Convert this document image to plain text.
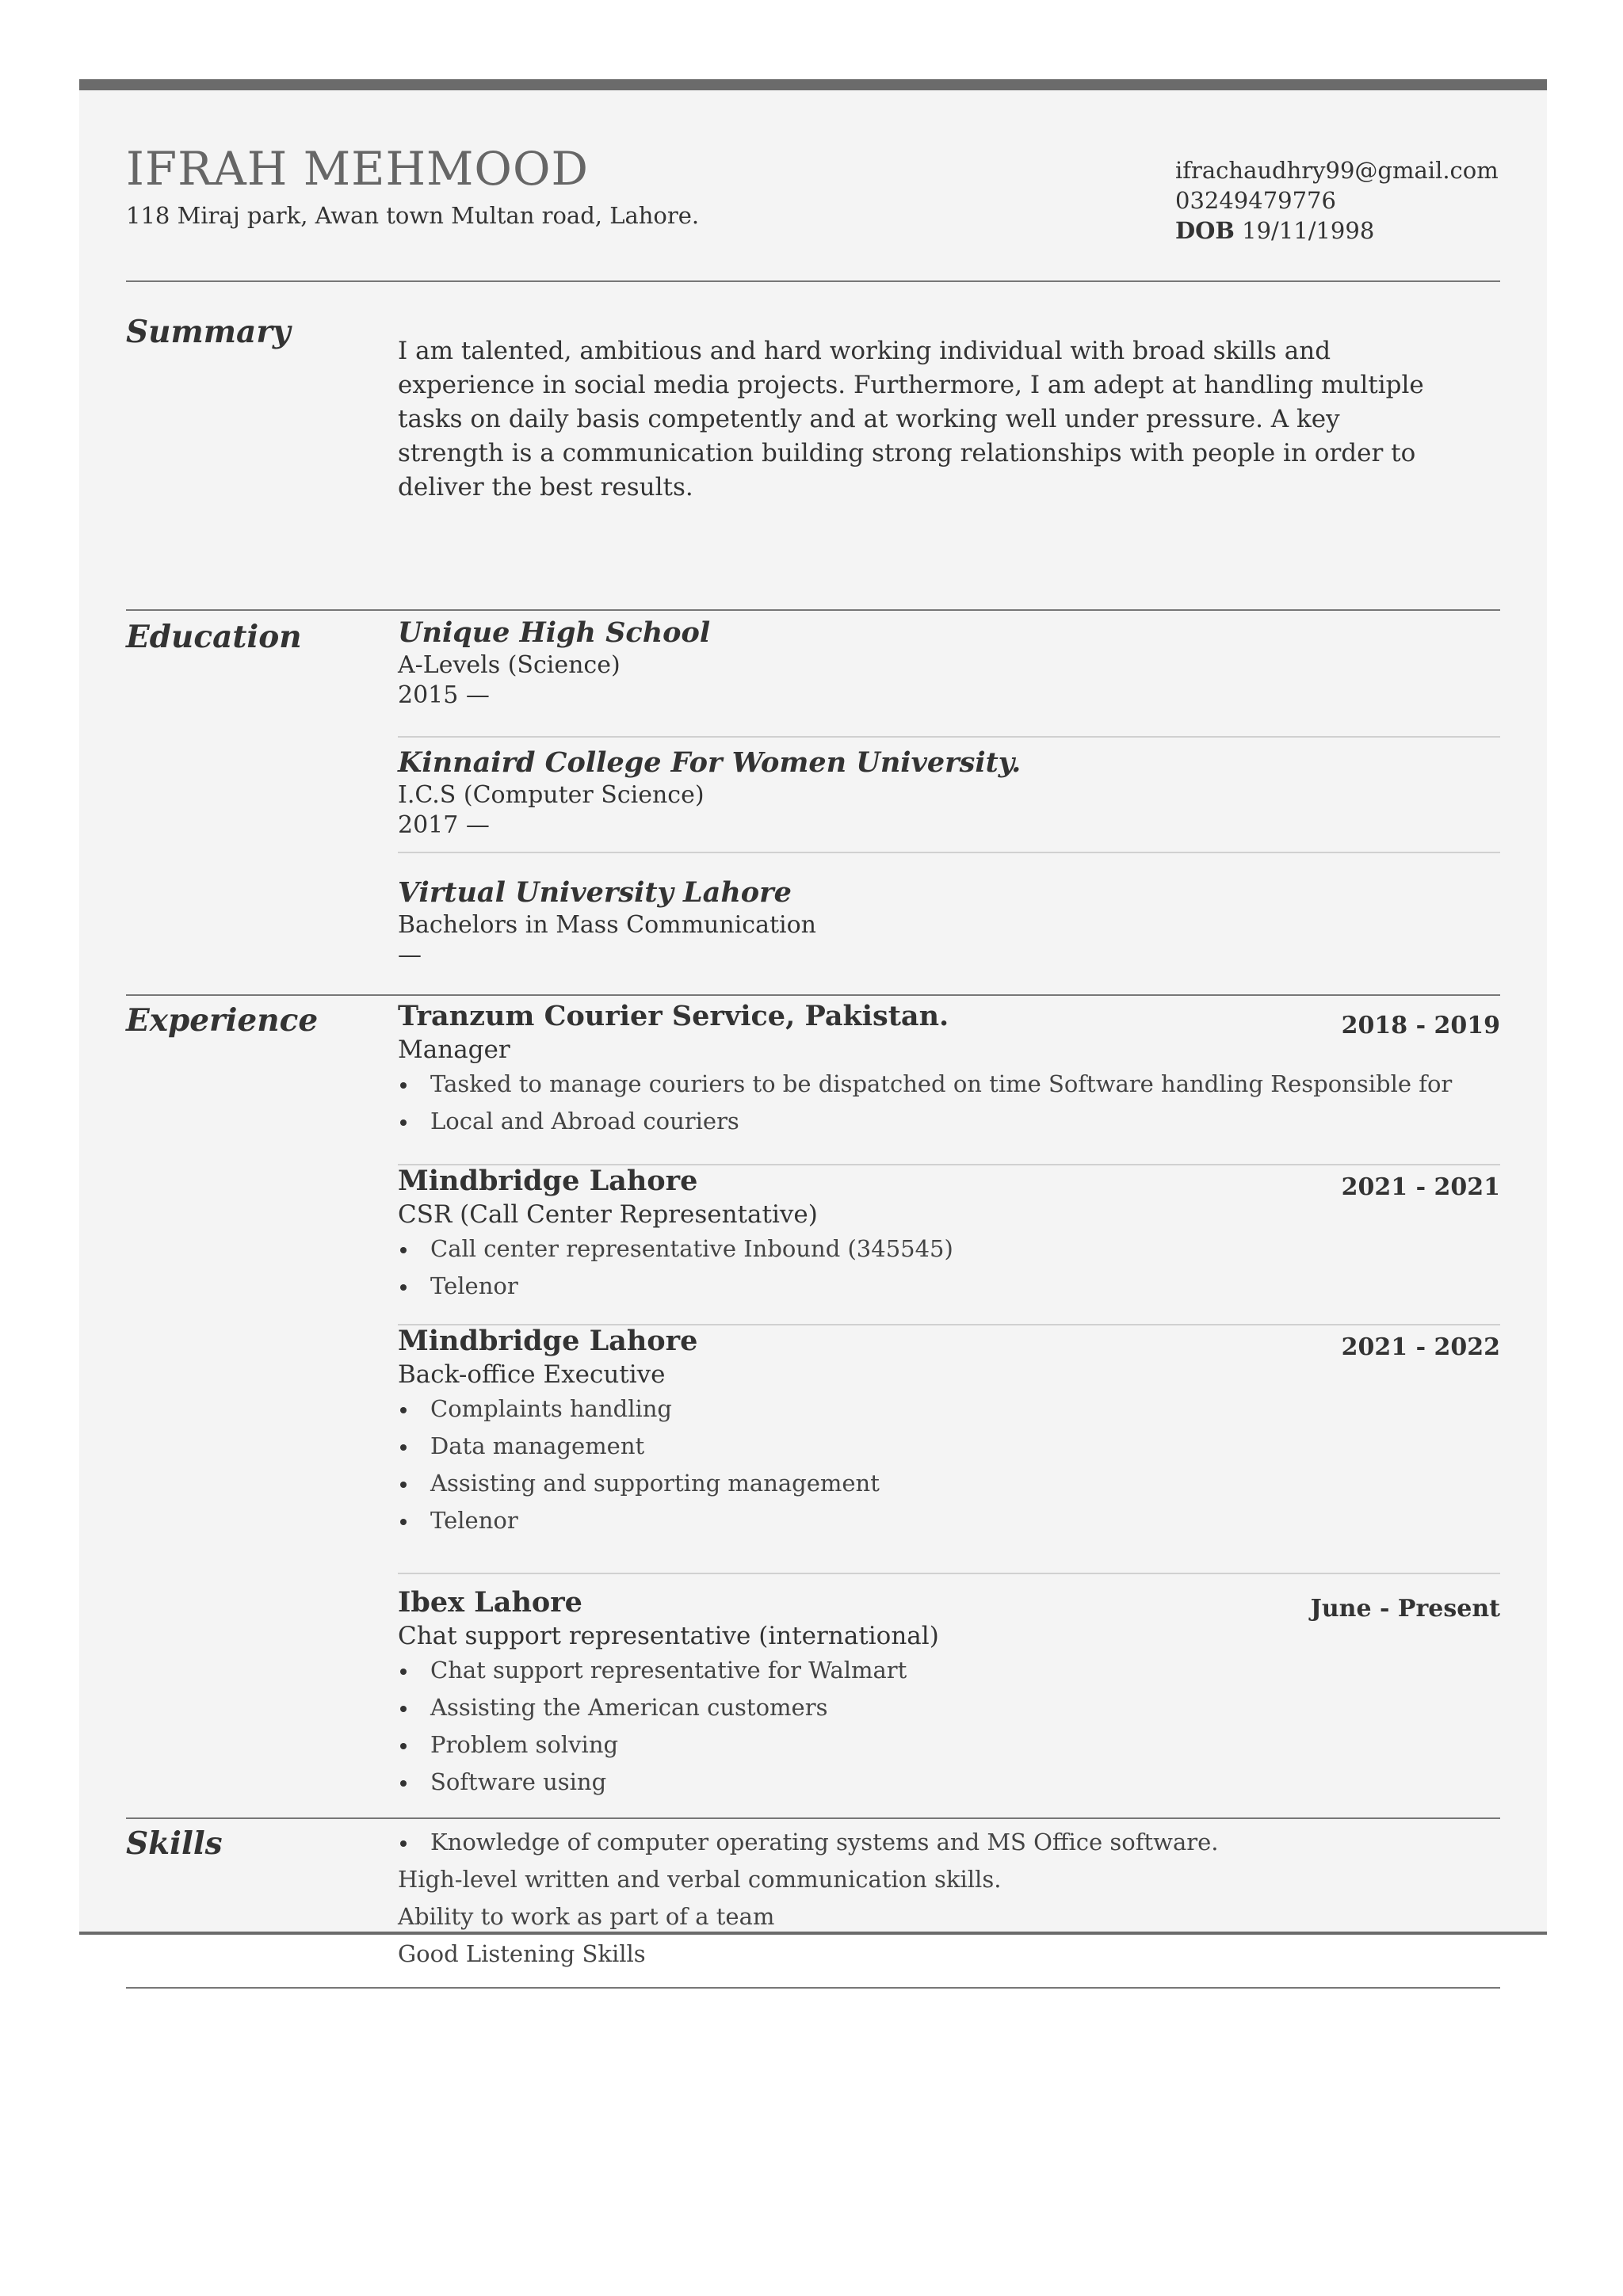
IFRAH MEHMOOD
118 Miraj park, Awan town Multan road, Lahore.
ifrachaudhry99@gmail.com
03249479776
DOB 19/11/1998
Summary
I am talented, ambitious and hard working individual with broad skills and experience in social media projects. Furthermore, I am adept at handling multiple tasks on daily basis competently and at working well under pressure. A key strength is a communication building strong relationships with people in order to deliver the best results.
Education	Unique High School
A-Levels (Science)
2015 —
Kinnaird College For Women University.
I.C.S (Computer Science)
2017 —
Virtual University Lahore
Bachelors in Mass Communication
—
Experience	2018 - 2019
Tranzum Courier Service, Pakistan.
Manager
Tasked to manage couriers to be dispatched on time Software handling Responsible for
Local and Abroad couriers
2021 - 2021
Mindbridge Lahore
CSR (Call Center Representative)
Call center representative Inbound (345545)
Telenor
2021 - 2022
Mindbridge Lahore
Back-office Executive
Complaints handling
Data management
Assisting and supporting management
Telenor
June - Present
Ibex Lahore
Chat support representative (international)
Chat support representative for Walmart
Assisting the American customers
Problem solving
Software using
Skills	Knowledge of computer operating systems and MS Office software.
High-level written and verbal communication skills.
Ability to work as part of a team
Good Listening Skills
